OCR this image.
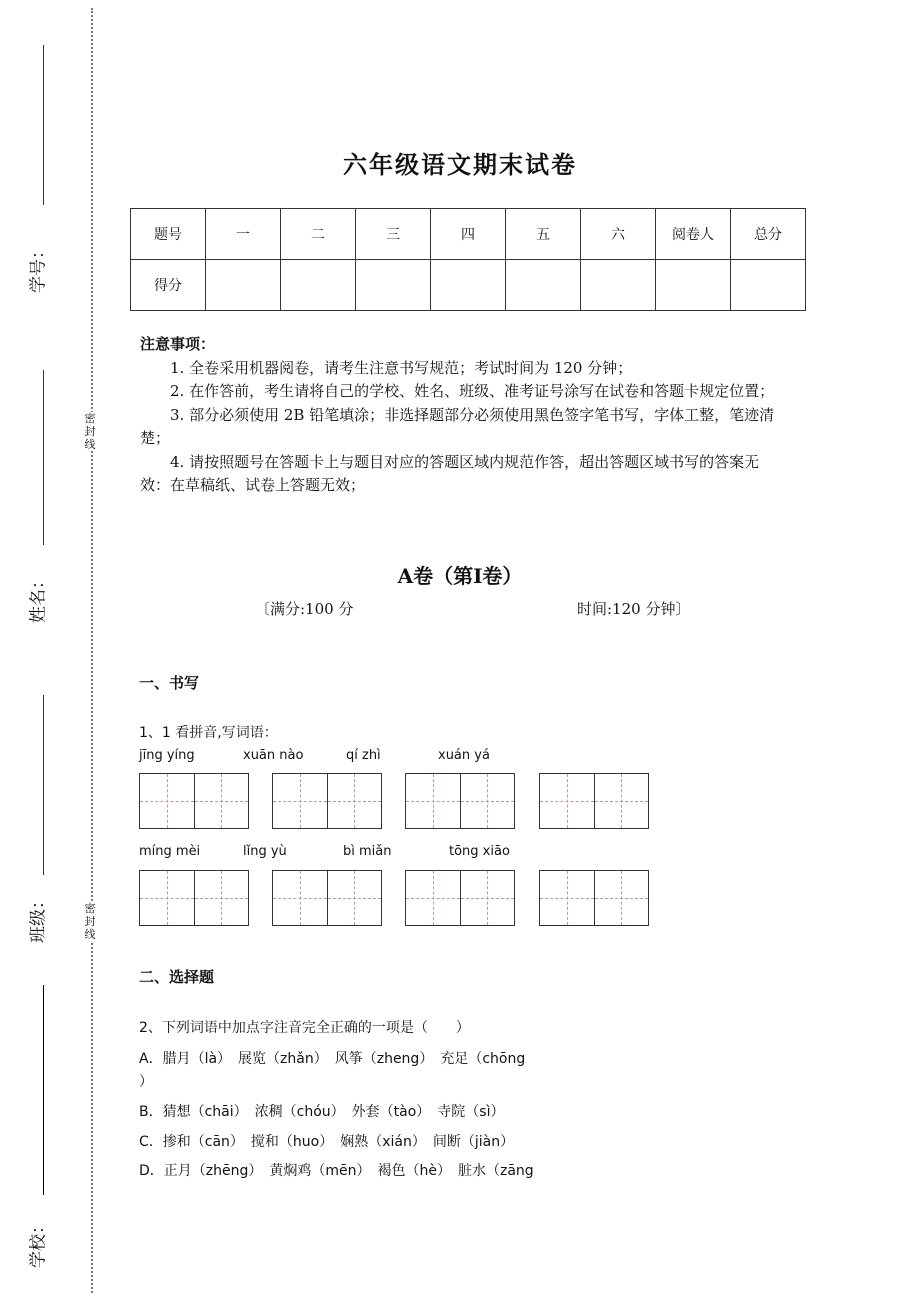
密封线
密封线
学号：
姓名：
班级：
学校：
六年级语文期末试卷
题号	一	二	三	四	五	六	阅卷人	总分
得分								
注意事项：
1. 全卷采用机器阅卷，请考生注意书写规范；考试时间为 120 分钟；
2. 在作答前，考生请将自己的学校、姓名、班级、准考证号涂写在试卷和答题卡规定位置；
3. 部分必须使用 2B 铅笔填涂；非选择题部分必须使用黑色签字笔书写，字体工整，笔迹清楚；
4. 请按照题号在答题卡上与题目对应的答题区域内规范作答，超出答题区域书写的答案无效：在草稿纸、试卷上答题无效；
A卷（第Ⅰ卷）
〔满分:100 分	时间:120 分钟〕
一、书写
1、1 看拼音,写词语：
jīng yíng	xuān nào	qí zhì	xuán yá
míng mèi	lǐng yù	bì miǎn	tōng xiāo
二、选择题
2、下列词语中加点字注音完全正确的一项是（　　）
A．腊月（là）　展览（zhǎn）　风筝（zheng）　充足（chōng
）
B．猜想（chāi）　浓稠（chóu）　外套（tào）　寺院（sì）
C．掺和（cān）　搅和（huo）　娴熟（xián）　间断（jiàn）
D．正月（zhēng）　黄焖鸡（mēn）　褐色（hè）　脏水（zāng
